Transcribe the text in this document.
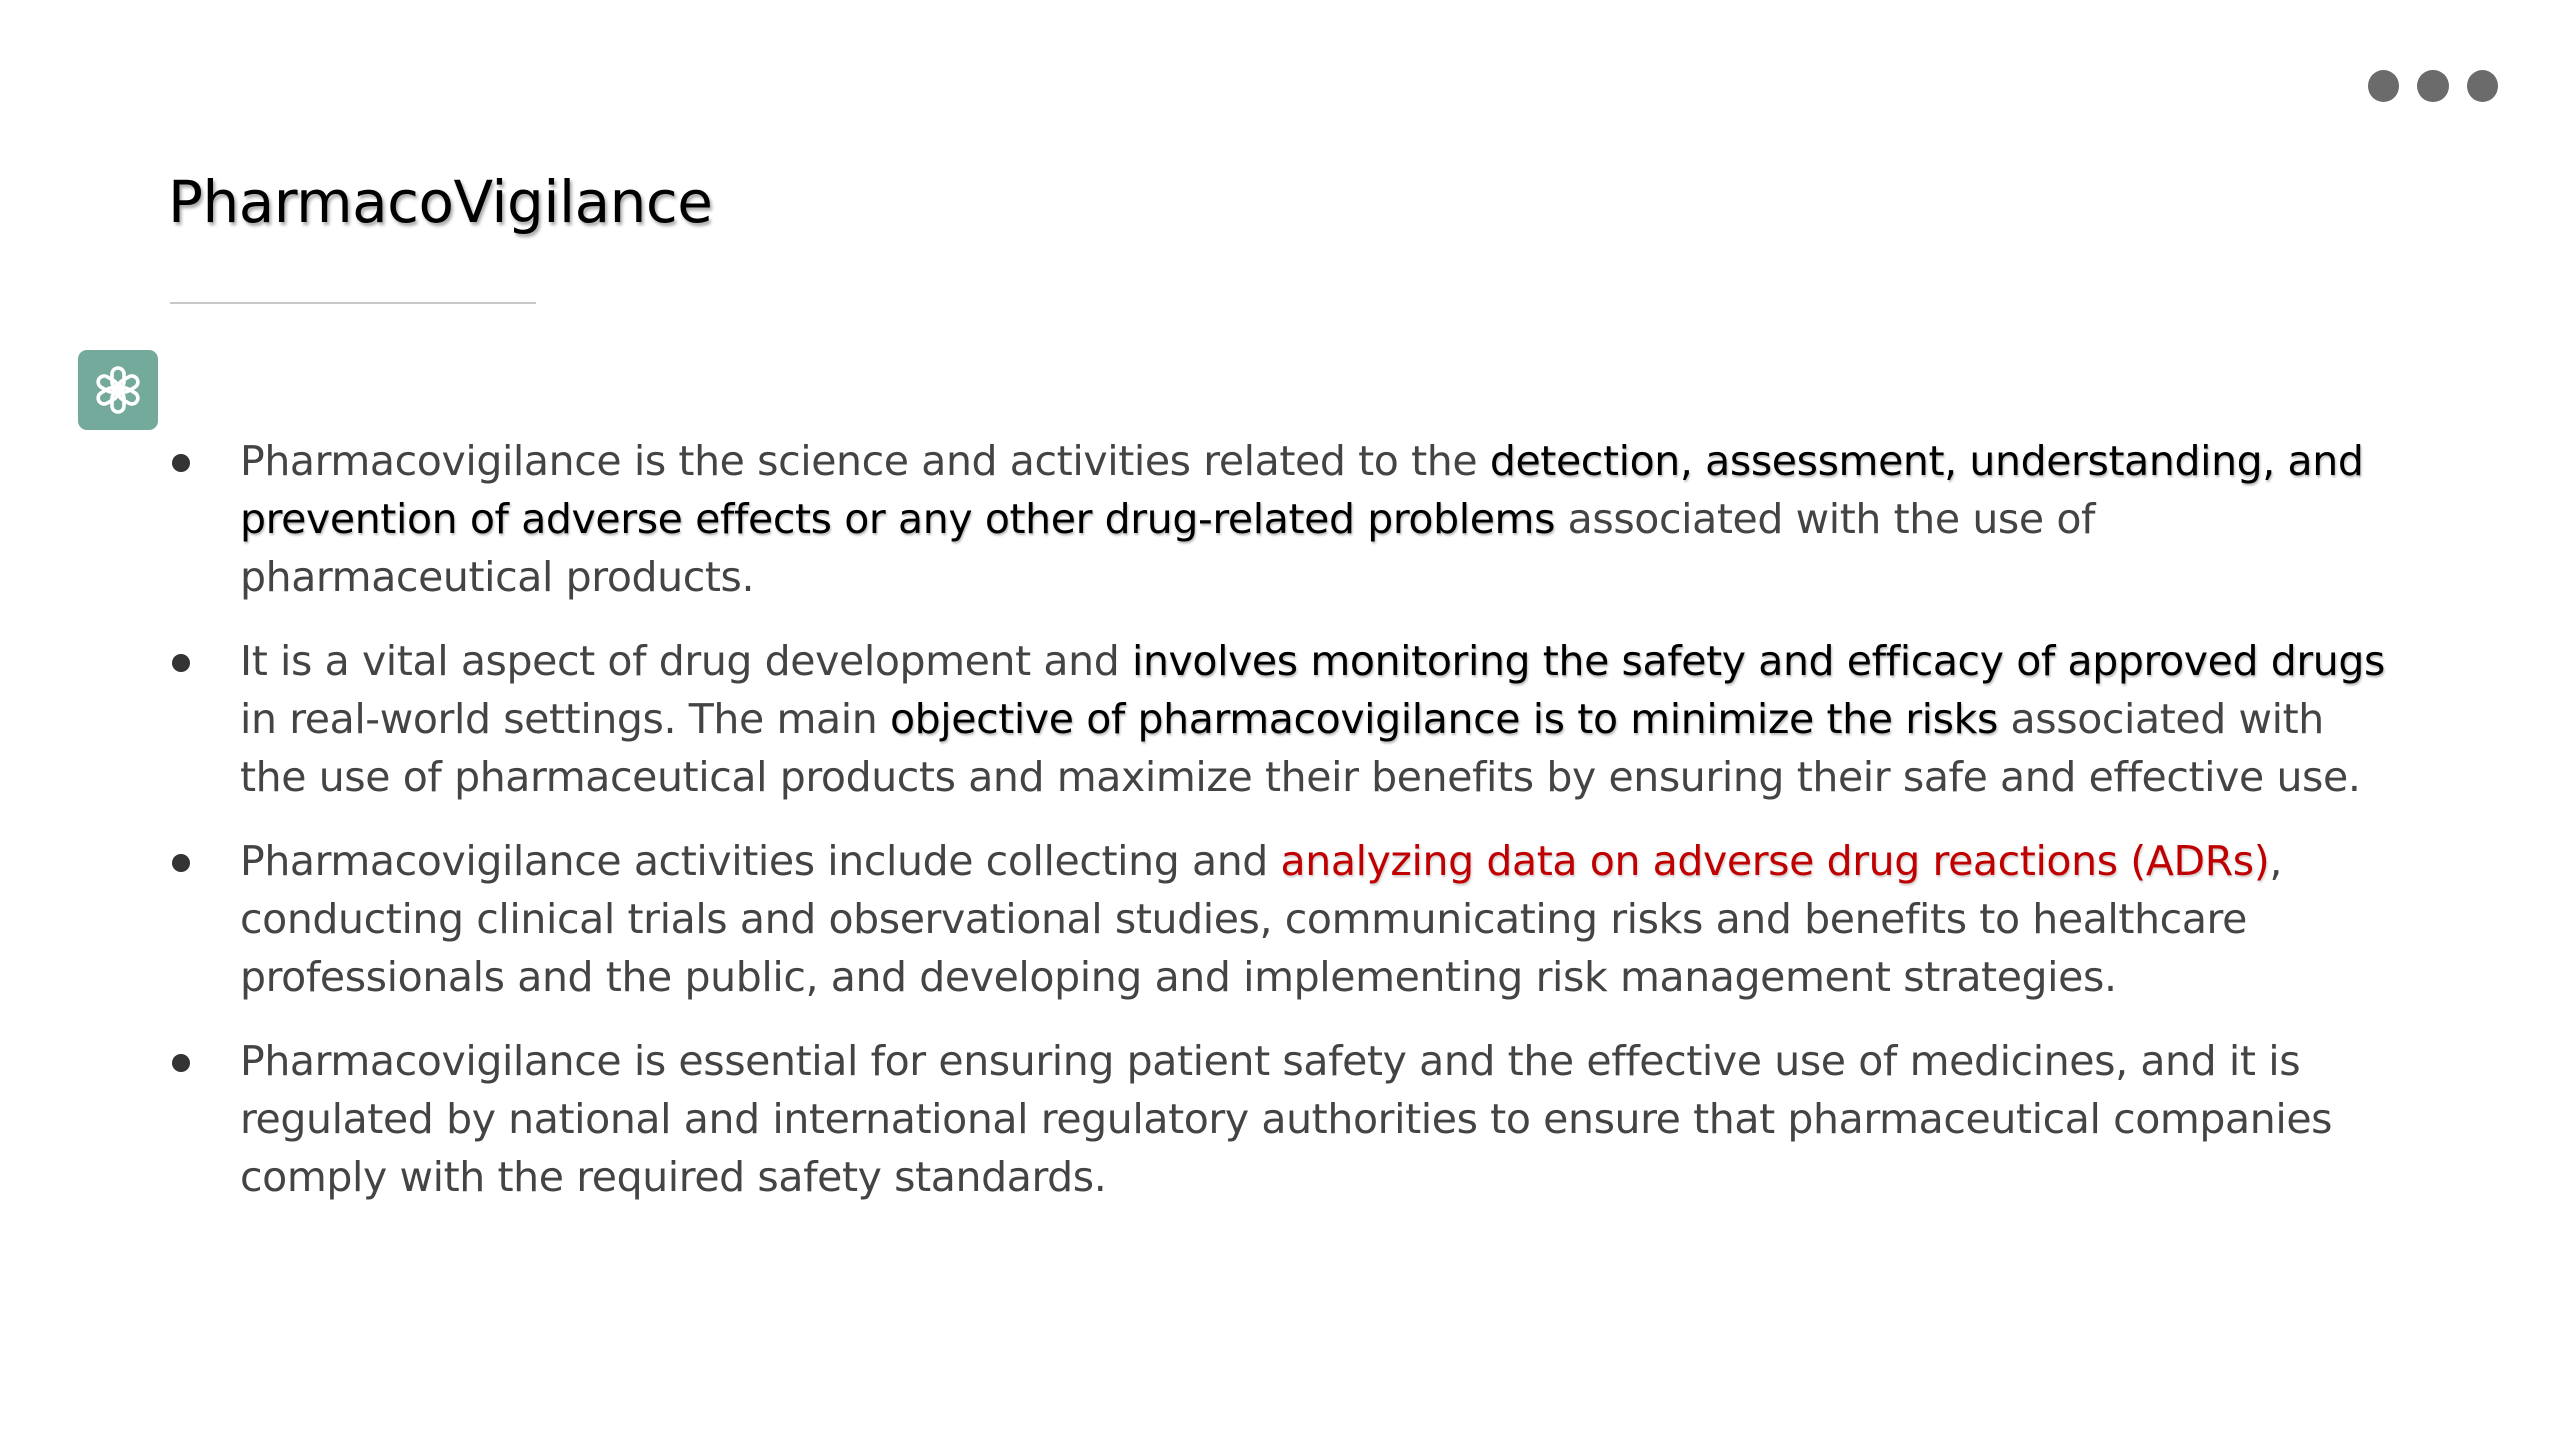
PharmacoVigilance
Pharmacovigilance is the science and activities related to the detection, assessment, understanding, and prevention of adverse effects or any other drug-related problems associated with the use of pharmaceutical products.
It is a vital aspect of drug development and involves monitoring the safety and efficacy of approved drugs in real-world settings. The main objective of pharmacovigilance is to minimize the risks associated with the use of pharmaceutical products and maximize their benefits by ensuring their safe and effective use.
Pharmacovigilance activities include collecting and analyzing data on adverse drug reactions (ADRs), conducting clinical trials and observational studies, communicating risks and benefits to healthcare professionals and the public, and developing and implementing risk management strategies.
Pharmacovigilance is essential for ensuring patient safety and the effective use of medicines, and it is regulated by national and international regulatory authorities to ensure that pharmaceutical companies comply with the required safety standards.
